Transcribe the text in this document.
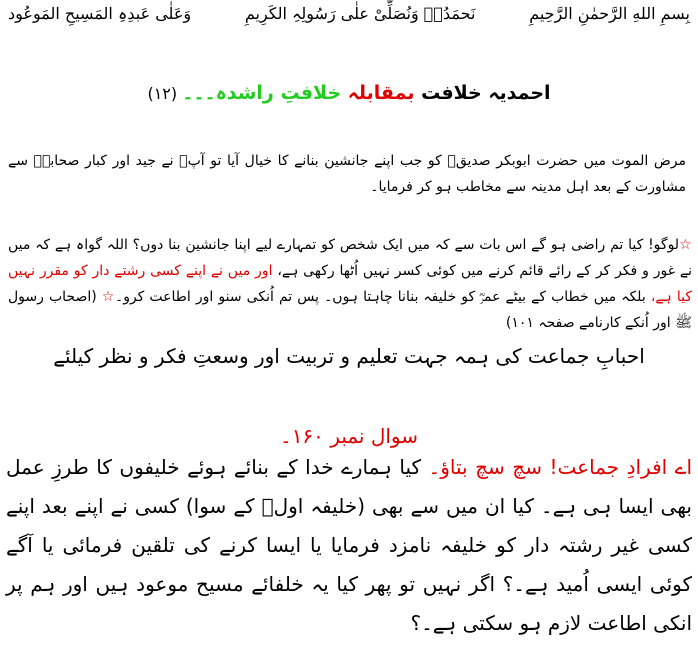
بِسمِ اللهِ الرَّحمٰنِ الرَّحِیمِ
نَحمَدُہٗ وَنُصَلِّیْ علٰی رَسُولِہِ الکَرِیمِ
وَعَلٰی عَبدِہِ المَسِیحِ المَوعُود
احمدیہ خلافت بمقابلہ خلافتِ راشدہ۔۔۔ (۱۲)
مرض الموت میں حضرت ابوبکر صدیقؓ کو جب اپنے جانشین بنانے کا خیال آیا تو آپؓ نے جید اور کبار صحابہؓ سے مشاورت کے بعد اہل مدینہ سے مخاطب ہو کر فرمایا۔
☆لوگو! کیا تم راضی ہو گے اس بات سے کہ میں ایک شخص کو تمہارے لیے اپنا جانشین بنا دوں؟ اللہ گواہ ہے کہ میں نے غور و فکر کر کے رائے قائم کرنے میں کوئی کسر نہیں اُٹھا رکھی ہے، اور میں نے اپنے کسی رشتے دار کو مقرر نہیں کیا ہے، بلکہ میں خطاب کے بیٹے عمرؓ کو خلیفہ بنانا چاہتا ہوں۔ پس تم اُنکی سنو اور اطاعت کرو۔☆ (اصحاب رسول ﷺ اور اُنکے کارنامے صفحہ ۱۰۱)
احبابِ جماعت کی ہمہ جہت تعلیم و تربیت اور وسعتِ فکر و نظر کیلئے
سوال نمبر ۱۶۰۔
اے افرادِ جماعت! سچ سچ بتاؤ۔ کیا ہمارے خدا کے بنائے ہوئے خلیفوں کا طرزِ عمل بھی ایسا ہی ہے۔ کیا ان میں سے بھی (خلیفہ اولؓ کے سوا) کسی نے اپنے بعد اپنے کسی غیر رشتہ دار کو خلیفہ نامزد فرمایا یا ایسا کرنے کی تلقین فرمائی یا آگے کوئی ایسی اُمید ہے۔؟ اگر نہیں تو پھر کیا یہ خلفائے مسیح موعود ہیں اور ہم پر انکی اطاعت لازم ہو سکتی ہے۔؟
